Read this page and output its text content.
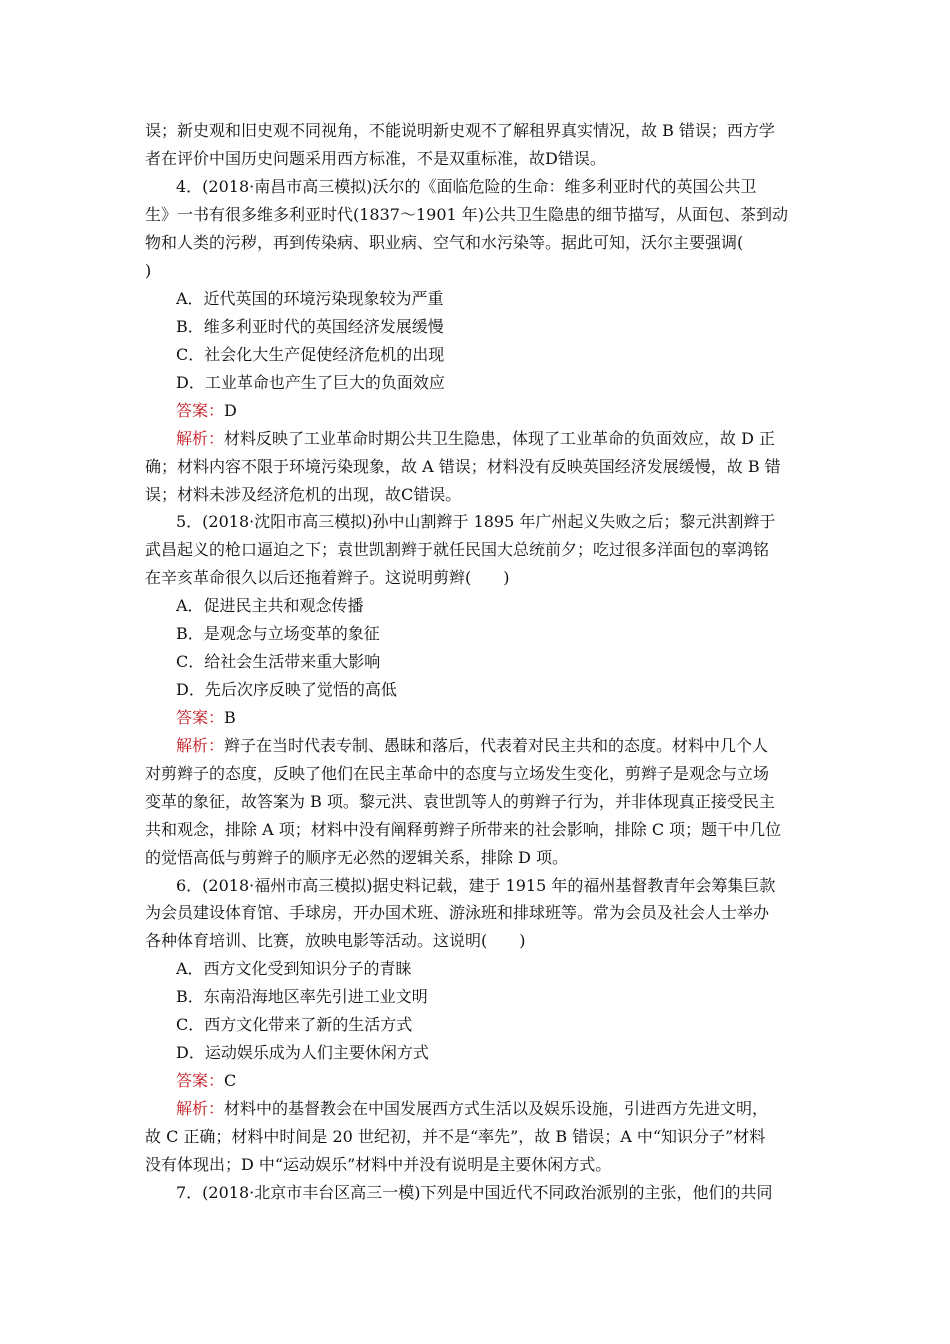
误；新史观和旧史观不同视角，不能说明新史观不了解租界真实情况，故 B 错误；西方学
者在评价中国历史问题采用西方标准，不是双重标准，故D错误。
4．(2018·南昌市高三模拟)沃尔的《面临危险的生命：维多利亚时代的英国公共卫
生》一书有很多维多利亚时代(1837～1901 年)公共卫生隐患的细节描写，从面包、茶到动
物和人类的污秽，再到传染病、职业病、空气和水污染等。据此可知，沃尔主要强调(
)
A．近代英国的环境污染现象较为严重
B．维多利亚时代的英国经济发展缓慢
C．社会化大生产促使经济危机的出现
D．工业革命也产生了巨大的负面效应
答案：D
解析：材料反映了工业革命时期公共卫生隐患，体现了工业革命的负面效应，故 D 正
确；材料内容不限于环境污染现象，故 A 错误；材料没有反映英国经济发展缓慢，故 B 错
误；材料未涉及经济危机的出现，故C错误。
5．(2018·沈阳市高三模拟)孙中山割辫于 1895 年广州起义失败之后；黎元洪割辫于
武昌起义的枪口逼迫之下；袁世凯割辫于就任民国大总统前夕；吃过很多洋面包的辜鸿铭
在辛亥革命很久以后还拖着辫子。这说明剪辫(　　)
A．促进民主共和观念传播
B．是观念与立场变革的象征
C．给社会生活带来重大影响
D．先后次序反映了觉悟的高低
答案：B
解析：辫子在当时代表专制、愚昧和落后，代表着对民主共和的态度。材料中几个人
对剪辫子的态度，反映了他们在民主革命中的态度与立场发生变化，剪辫子是观念与立场
变革的象征，故答案为 B 项。黎元洪、袁世凯等人的剪辫子行为，并非体现真正接受民主
共和观念，排除 A 项；材料中没有阐释剪辫子所带来的社会影响，排除 C 项；题干中几位
的觉悟高低与剪辫子的顺序无必然的逻辑关系，排除 D 项。
6．(2018·福州市高三模拟)据史料记载，建于 1915 年的福州基督教青年会筹集巨款
为会员建设体育馆、手球房，开办国术班、游泳班和排球班等。常为会员及社会人士举办
各种体育培训、比赛，放映电影等活动。这说明(　　)
A．西方文化受到知识分子的青睐
B．东南沿海地区率先引进工业文明
C．西方文化带来了新的生活方式
D．运动娱乐成为人们主要休闲方式
答案：C
解析：材料中的基督教会在中国发展西方式生活以及娱乐设施，引进西方先进文明，
故 C 正确；材料中时间是 20 世纪初，并不是“率先”，故 B 错误；A 中“知识分子”材料
没有体现出；D 中“运动娱乐”材料中并没有说明是主要休闲方式。
7．(2018·北京市丰台区高三一模)下列是中国近代不同政治派别的主张，他们的共同
